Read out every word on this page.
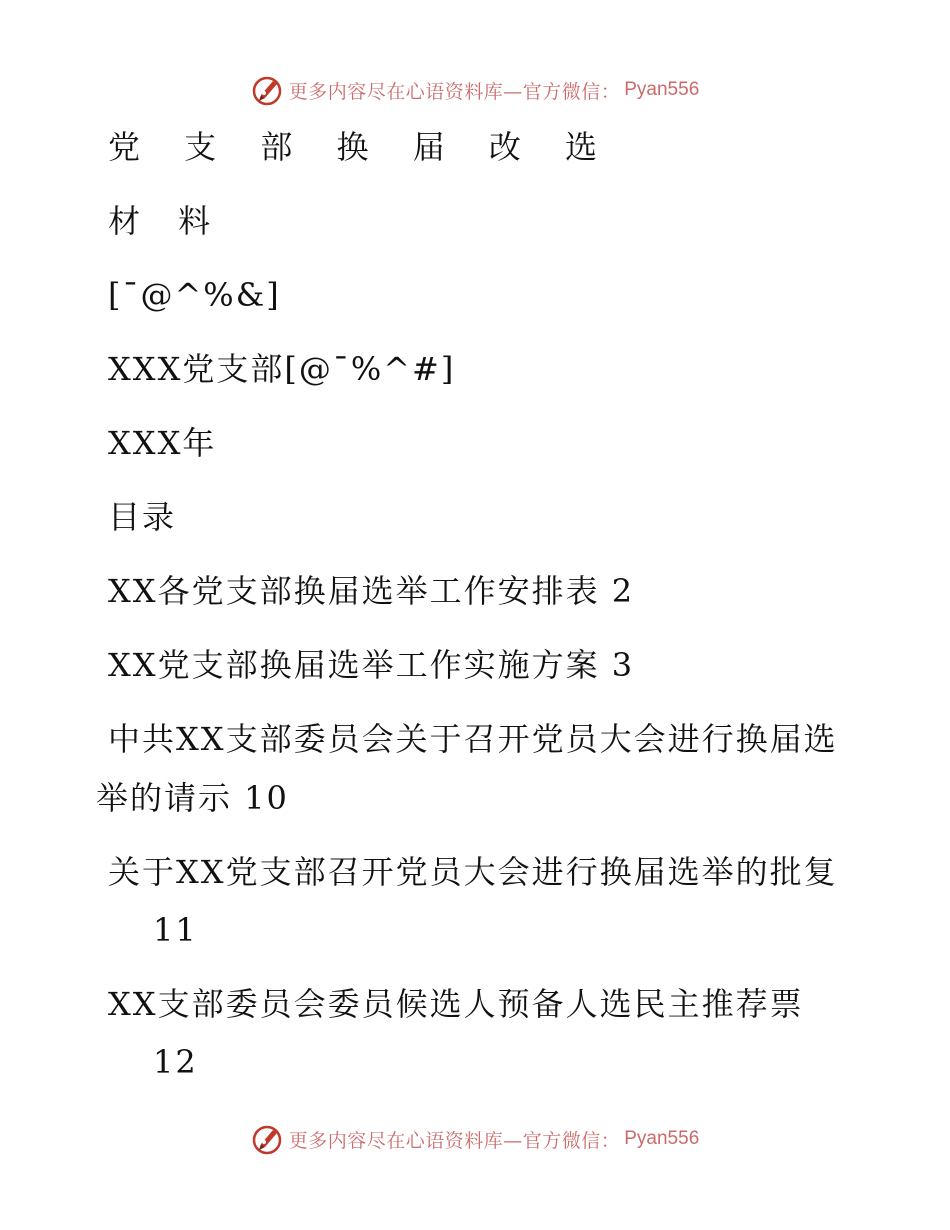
更多内容尽在心语资料库—官方微信： Pyan556
党 支 部 换 届 改 选
材 料
[¯@^%&]
XXX党支部[@¯%^#]
XXX年
目录
XX各党支部换届选举工作安排表 2
XX党支部换届选举工作实施方案 3
中共XX支部委员会关于召开党员大会进行换届选
举的请示 10
关于XX党支部召开党员大会进行换届选举的批复
11
XX支部委员会委员候选人预备人选民主推荐票
12
更多内容尽在心语资料库—官方微信： Pyan556
